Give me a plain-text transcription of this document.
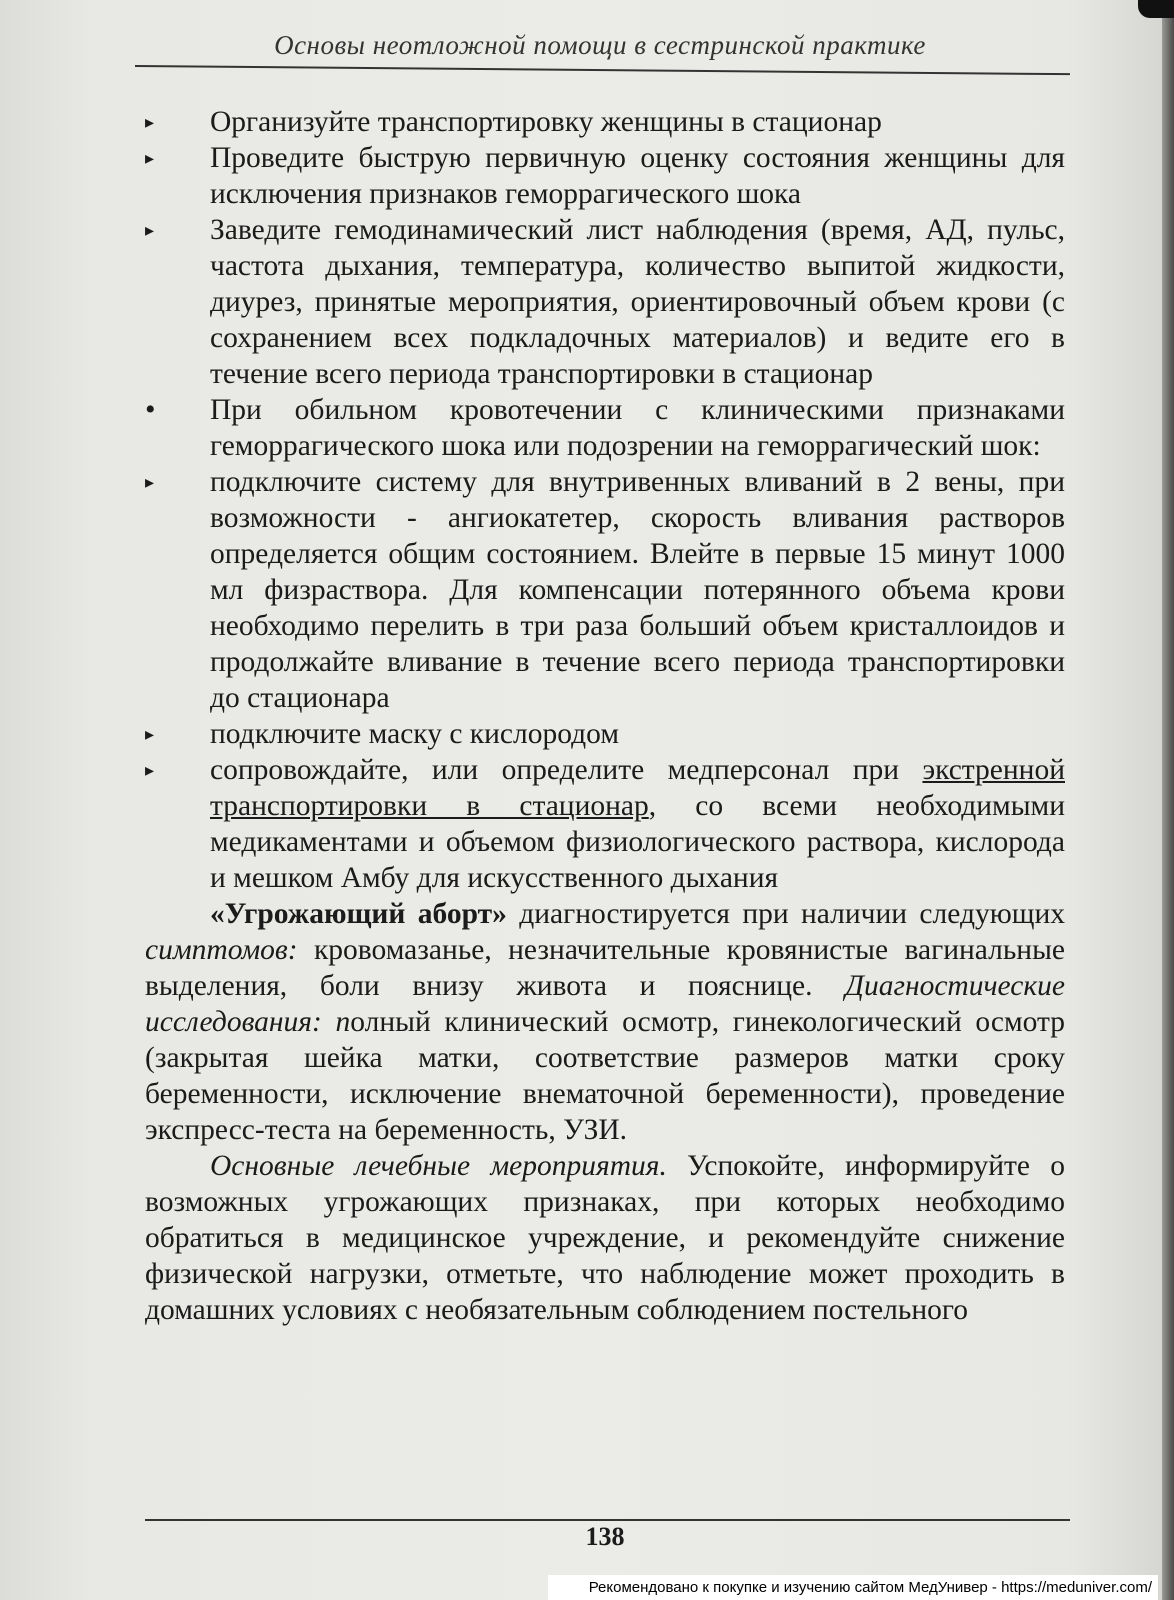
Основы неотложной помощи в сестринской практике
▸	Организуйте транспортировку женщины в стационар
▸	Проведите быструю первичную оценку состояния женщины для исключения признаков геморрагического шока
▸	Заведите гемодинамический лист наблюдения (время, АД, пульс, частота дыхания, температура, количество выпитой жидкости, диурез, принятые мероприятия, ориентировочный объем крови (с сохранением всех подкладочных материалов) и ведите его в течение всего периода транспортировки в стационар
•	При обильном кровотечении с клиническими признаками геморрагического шока или подозрении на геморрагический шок:
▸	подключите систему для внутривенных вливаний в 2 вены, при возможности - ангиокатетер, скорость вливания растворов определяется общим состоянием. Влейте в первые 15 минут 1000 мл физраствора. Для компенсации потерянного объема крови необходимо перелить в три раза больший объем кристаллоидов и продолжайте вливание в течение всего периода транспортировки до стационара
▸	подключите маску с кислородом
▸	сопровождайте, или определите медперсонал при экстренной транспортировки в стационар, со всеми необходимыми медикаментами и объемом физиологического раствора, кислорода и мешком Амбу для искусственного дыхания

«Угрожающий аборт» диагностируется при наличии следующих симптомов: кровомазанье, незначительные кровянистые вагинальные выделения, боли внизу живота и пояснице. Диагностические исследования: полный клинический осмотр, гинекологический осмотр (закрытая шейка матки, соответствие размеров матки сроку беременности, исключение внематочной беременности), проведение экспресс-теста на беременность, УЗИ.

Основные лечебные мероприятия. Успокойте, информируйте о возможных угрожающих признаках, при которых необходимо обратиться в медицинское учреждение, и рекомендуйте снижение физической нагрузки, отметьте, что наблюдение может проходить в домашних условиях с необязательным соблюдением постельного

138
Рекомендовано к покупке и изучению сайтом МедУнивер - https://meduniver.com/
